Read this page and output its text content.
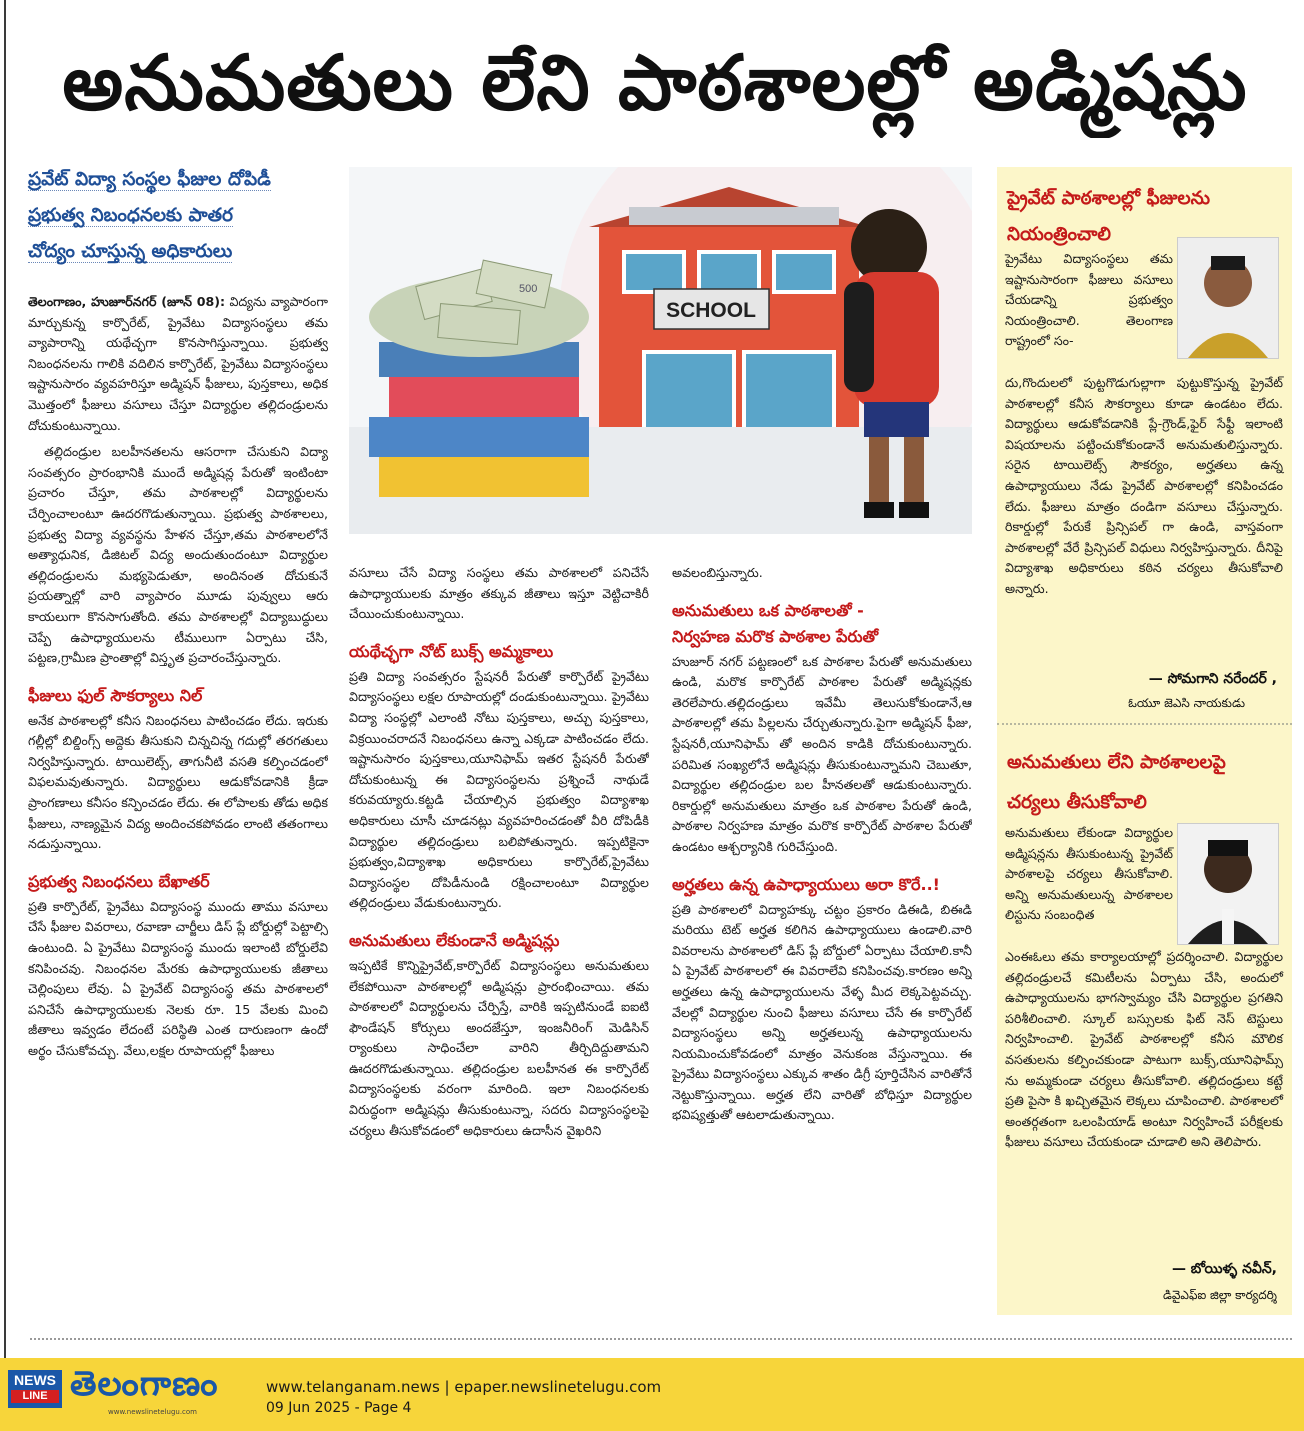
అనుమతులు లేని పాఠశాలల్లో అడ్మిషన్లు
ప్రవేట్ విద్యా సంస్థల ఫీజుల దోపిడీ
ప్రభుత్వ నిబంధనలకు పాతర
చోద్యం చూస్తున్న అధికారులు

తెలంగాణం, హుజూర్‌నగర్ (జూన్ 08): విద్యను వ్యాపారంగా మార్చుకున్న కార్పొరేట్, ప్రైవేటు విద్యాసంస్థలు తమ వ్యాపారాన్ని యథేచ్ఛగా కొనసాగిస్తున్నాయి. ప్రభుత్వ నిబంధనలను గాలికి వదిలిన కార్పొరేట్, ప్రైవేటు విద్యాసంస్థలు ఇష్టానుసారం వ్యవహరిస్తూ అడ్మిషన్ ఫీజులు, పుస్తకాలు, అధిక మొత్తంలో ఫీజులు వసూలు చేస్తూ విద్యార్థుల తల్లిదండ్రులను దోచుకుంటున్నాయి.

తల్లిదండ్రుల బలహీనతలను ఆసరాగా చేసుకుని విద్యా సంవత్సరం ప్రారంభానికి ముందే అడ్మిషన్ల పేరుతో ఇంటింటా ప్రచారం చేస్తూ, తమ పాఠశాలల్లో విద్యార్థులను చేర్పించాలంటూ ఊదరగొడుతున్నాయి. ప్రభుత్వ పాఠశాలలు, ప్రభుత్వ విద్యా వ్యవస్థను హేళన చేస్తూ,తమ పాఠశాలలోనే అత్యాధునిక, డిజిటల్ విద్య అందుతుందంటూ విద్యార్థుల తల్లిదండ్రులను మభ్యపెడుతూ, అందినంత దోచుకునే ప్రయత్నాల్లో వారి వ్యాపారం మూడు పువ్వులు ఆరు కాయలుగా కొనసాగుతోంది. తమ పాఠశాలల్లో విద్యాబుద్ధులు చెప్పే ఉపాధ్యాయులను టీములుగా ఏర్పాటు చేసి, పట్టణ,గ్రామీణ ప్రాంతాల్లో విస్తృత ప్రచారంచేస్తున్నారు.

ఫీజులు ఫుల్ సౌకర్యాలు నిల్

అనేక పాఠశాలల్లో కనీస నిబంధనలు పాటించడం లేదు. ఇరుకు గల్లీల్లో బిల్డింగ్స్ అద్దెకు తీసుకుని చిన్నచిన్న గదుల్లో తరగతులు నిర్వహిస్తున్నారు. టాయిలెట్స్, తాగునీటి వసతి కల్పించడంలో విఫలమవుతున్నారు. విద్యార్థులు ఆడుకోవడానికి క్రీడా ప్రాంగణాలు కనీసం కన్పించడం లేదు. ఈ లోపాలకు తోడు అధిక ఫీజులు, నాణ్యమైన విద్య అందించకపోవడం లాంటి తతంగాలు నడుస్తున్నాయి.

ప్రభుత్వ నిబంధనలు బేఖాతర్

ప్రతి కార్పొరేట్, ప్రైవేటు విద్యాసంస్థ ముందు తాము వసూలు చేసే ఫీజుల వివరాలు, రవాణా చార్జీలు డిస్ ప్లే బోర్డుల్లో పెట్టాల్సి ఉంటుంది. ఏ ప్రైవేటు విద్యాసంస్థ ముందు ఇలాంటి బోర్డులేవి కనిపించవు. నిబంధనల మేరకు ఉపాధ్యాయులకు జీతాలు చెల్లింపులు లేవు. ఏ ప్రైవేట్ విద్యాసంస్థ తమ పాఠశాలలో పనిచేసే ఉపాధ్యాయులకు నెలకు రూ. 15 వేలకు మించి జీతాలు ఇవ్వడం లేదంటే పరిస్థితి ఎంత దారుణంగా ఉందో అర్థం చేసుకోవచ్చు. వేలు,లక్షల రూపాయల్లో ఫీజులు

SCHOOL
500

వసూలు చేసే విద్యా సంస్థలు తమ పాఠశాలలో పనిచేసే ఉపాధ్యాయులకు మాత్రం తక్కువ జీతాలు ఇస్తూ వెట్టిచాకిరీ చేయించుకుంటున్నాయి.

యథేచ్ఛగా నోట్ బుక్స్ అమ్మకాలు

ప్రతి విద్యా సంవత్సరం స్టేషనరీ పేరుతో కార్పొరేట్ ప్రైవేటు విద్యాసంస్థలు లక్షల రూపాయల్లో దండుకుంటున్నాయి. ప్రైవేటు విద్యా సంస్థల్లో ఎలాంటి నోటు పుస్తకాలు, అచ్చు పుస్తకాలు, విక్రయించరాదనే నిబంధనలు ఉన్నా ఎక్కడా పాటించడం లేదు. ఇష్టానుసారం పుస్తకాలు,యూనిఫామ్ ఇతర స్టేషనరీ పేరుతో దోచుకుంటున్న ఈ విద్యాసంస్థలను ప్రశ్నించే నాథుడే కరువయ్యారు.కట్టడి చేయాల్సిన ప్రభుత్వం విద్యాశాఖ అధికారులు చూసీ చూడనట్లు వ్యవహరించడంతో వీరి దోపిడీకి విద్యార్థుల తల్లిదండ్రులు బలిపోతున్నారు. ఇప్పటికైనా ప్రభుత్వం,విద్యాశాఖ అధికారులు కార్పొరేట్,ప్రైవేటు విద్యాసంస్థల దోపిడీనుండి రక్షించాలంటూ విద్యార్థుల తల్లిదండ్రులు వేడుకుంటున్నారు.

అనుమతులు లేకుండానే అడ్మిషన్లు

ఇప్పటికే కొన్నిప్రైవేట్,కార్పొరేట్ విద్యాసంస్థలు అనుమతులు లేకపోయినా పాఠశాలల్లో అడ్మిషన్లు ప్రారంభించాయి. తమ పాఠశాలలో విద్యార్థులను చేర్పిస్తే, వారికి ఇప్పటినుండే ఐఐటి ఫౌండేషన్ కోర్సులు అందజేస్తూ, ఇంజనీరింగ్ మెడిసిన్ ర్యాంకులు సాధించేలా వారిని తీర్చిదిద్దుతామని ఊదరగొడుతున్నాయి. తల్లిదండ్రుల బలహీనత ఈ కార్పొరేట్ విద్యాసంస్థలకు వరంగా మారింది. ఇలా నిబంధనలకు విరుద్ధంగా అడ్మిషన్లు తీసుకుంటున్నా, సదరు విద్యాసంస్థలపై చర్యలు తీసుకోవడంలో అధికారులు ఉదాసీన వైఖరిని

అవలంబిస్తున్నారు.

అనుమతులు ఒక పాఠశాలతో -
నిర్వహణ మరొక పాఠశాల పేరుతో

హుజూర్ నగర్ పట్టణంలో ఒక పాఠశాల పేరుతో అనుమతులు ఉండి, మరొక కార్పొరేట్ పాఠశాల పేరుతో అడ్మిషన్లకు తెరలేపారు.తల్లిదండ్రులు ఇవేమీ తెలుసుకోకుండానే,ఆ పాఠశాలల్లో తమ పిల్లలను చేర్చుతున్నారు.పైగా అడ్మిషన్ ఫీజు, స్టేషనరీ,యూనిఫామ్ తో అందిన కాడికి దోచుకుంటున్నారు. పరిమిత సంఖ్యలోనే అడ్మిషన్లు తీసుకుంటున్నామని చెబుతూ, విద్యార్థుల తల్లిదండ్రుల బల హీనతలతో ఆడుకుంటున్నారు. రికార్డుల్లో అనుమతులు మాత్రం ఒక పాఠశాల పేరుతో ఉండి, పాఠశాల నిర్వహణ మాత్రం మరొక కార్పొరేట్ పాఠశాల పేరుతో ఉండటం ఆశ్చర్యానికి గురిచేస్తుంది.

అర్హతలు ఉన్న ఉపాధ్యాయులు అరా కొరే..!

ప్రతి పాఠశాలలో విద్యాహక్కు చట్టం ప్రకారం డిఈడి, బిఈడి మరియు టెట్ అర్హత కలిగిన ఉపాధ్యాయులు ఉండాలి.వారి వివరాలను పాఠశాలలో డిస్ ప్లే బోర్డులో ఏర్పాటు చేయాలి.కానీ ఏ ప్రైవేట్ పాఠశాలలో ఈ వివరాలేవి కనిపించవు.కారణం అన్ని అర్హతలు ఉన్న ఉపాధ్యాయులను వేళ్ళ మీద లెక్కపెట్టవచ్చు. వేలల్లో విద్యార్థుల నుంచి ఫీజులు వసూలు చేసే ఈ కార్పొరేట్ విద్యాసంస్థలు అన్ని అర్హతలున్న ఉపాధ్యాయులను నియమించుకోవడంలో మాత్రం వెనుకంజ వేస్తున్నాయి. ఈ ప్రైవేటు విద్యాసంస్థలు ఎక్కువ శాతం డిగ్రీ పూర్తిచేసిన వారితోనే నెట్టుకొస్తున్నాయి. అర్హత లేని వారితో బోధిస్తూ విద్యార్థుల భవిష్యత్తుతో ఆటలాడుతున్నాయి.

ప్రైవేట్ పాఠశాలల్లో ఫీజులను
నియంత్రించాలి
ప్రైవేటు విద్యాసంస్థలు తమ ఇష్టానుసారంగా ఫీజులు వసూలు చేయడాన్ని ప్రభుత్వం నియంత్రించాలి. తెలంగాణ రాష్ట్రంలో సం-
దు,గొందులలో పుట్టగొడుగుల్లాగా పుట్టుకొస్తున్న ప్రైవేట్ పాఠశాలల్లో కనీస సౌకర్యాలు కూడా ఉండటం లేదు. విద్యార్థులు ఆడుకోవడానికి ప్లే-గ్రౌండ్,ఫైర్ సేఫ్టీ ఇలాంటి విషయాలను పట్టించుకోకుండానే అనుమతులిస్తున్నారు. సరైన టాయిలెట్స్ సౌకర్యం, అర్హతలు ఉన్న ఉపాధ్యాయులు నేడు ప్రైవేట్ పాఠశాలల్లో కనిపించడం లేదు. ఫీజులు మాత్రం దండిగా వసూలు చేస్తున్నారు. రికార్డుల్లో పేరుకే ప్రిన్సిపల్ గా ఉండి, వాస్తవంగా పాఠశాలల్లో వేరే ప్రిన్సిపల్ విధులు నిర్వహిస్తున్నారు. దీనిపై విద్యాశాఖ అధికారులు కఠిన చర్యలు తీసుకోవాలి అన్నారు.
— సోమగాని నరేందర్ ,
ఓయూ జెఎసి నాయకుడు
అనుమతులు లేని పాఠశాలలపై
చర్యలు తీసుకోవాలి
అనుమతులు లేకుండా విద్యార్థుల అడ్మిషన్లను తీసుకుంటున్న ప్రైవేట్ పాఠశాలపై చర్యలు తీసుకోవాలి. అన్ని అనుమతులున్న పాఠశాలల లిస్టును సంబంధిత
ఎంఈఓలు తమ కార్యాలయాల్లో ప్రదర్శించాలి. విద్యార్థుల తల్లిదండ్రులచే కమిటీలను ఏర్పాటు చేసి, అందులో ఉపాధ్యాయులను భాగస్వామ్యం చేసి విద్యార్థుల ప్రగతిని పరిశీలించాలి. స్కూల్ బస్సులకు ఫిట్ నెస్ టెస్టులు నిర్వహించాలి. ప్రైవేట్ పాఠశాలల్లో కనీస మౌలిక వసతులను కల్పించకుండా పాటుగా బుక్స్,యూనిఫామ్స్ ను అమ్మకుండా చర్యలు తీసుకోవాలి. తల్లిదండ్రులు కట్టే ప్రతి పైసా కి ఖచ్చితమైన లెక్కలు చూపించాలి. పాఠశాలలో అంతర్గతంగా ఒలంపియాడ్ అంటూ నిర్వహించే పరీక్షలకు ఫీజులు వసూలు చేయకుండా చూడాలి అని తెలిపారు.
— బోయిళ్ళ నవీన్,
డివైఎఫ్ఐ జిల్లా కార్యదర్శి
NEWS
LINE తెలంగాణం
www.newslinetelugu.com
www.telanganam.news | epaper.newslinetelugu.com
09 Jun 2025 - Page 4
